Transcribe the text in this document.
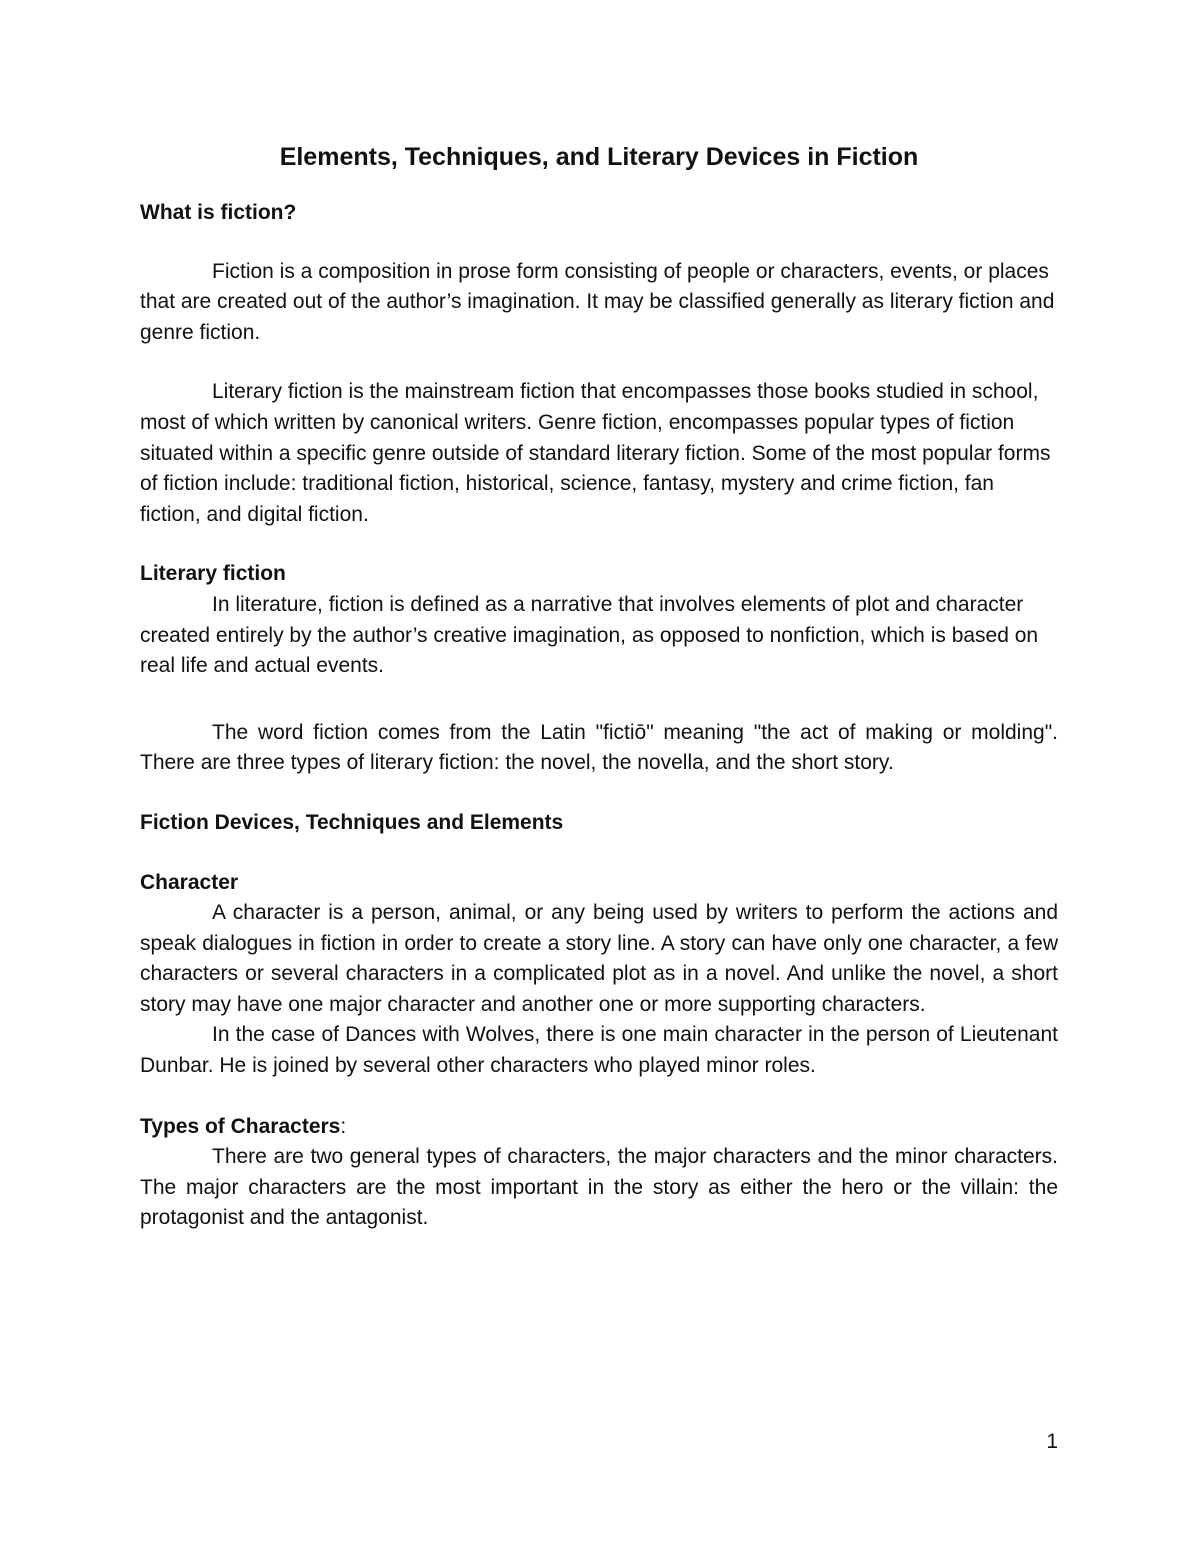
Elements, Techniques, and Literary Devices in Fiction

What is fiction?

Fiction is a composition in prose form consisting of people or characters, events, or places that are created out of the author’s imagination. It may be classified generally as literary fiction and genre fiction.

Literary fiction is the mainstream fiction that encompasses those books studied in school, most of which written by canonical writers. Genre fiction, encompasses popular types of fiction situated within a specific genre outside of standard literary fiction. Some of the most popular forms of fiction include: traditional fiction, historical, science, fantasy, mystery and crime fiction, fan fiction, and digital fiction.

Literary fiction

In literature, fiction is defined as a narrative that involves elements of plot and character created entirely by the author’s creative imagination, as opposed to nonfiction, which is based on real life and actual events.

The word fiction comes from the Latin "fictiō" meaning "the act of making or molding". There are three types of literary fiction: the novel, the novella, and the short story.

Fiction Devices, Techniques and Elements

Character

A character is a person, animal, or any being used by writers to perform the actions and speak dialogues in fiction in order to create a story line. A story can have only one character, a few characters or several characters in a complicated plot as in a novel. And unlike the novel, a short story may have one major character and another one or more supporting characters.

In the case of Dances with Wolves, there is one main character in the person of Lieutenant Dunbar. He is joined by several other characters who played minor roles.

Types of Characters:

There are two general types of characters, the major characters and the minor characters. The major characters are the most important in the story as either the hero or the villain: the protagonist and the antagonist.

1
